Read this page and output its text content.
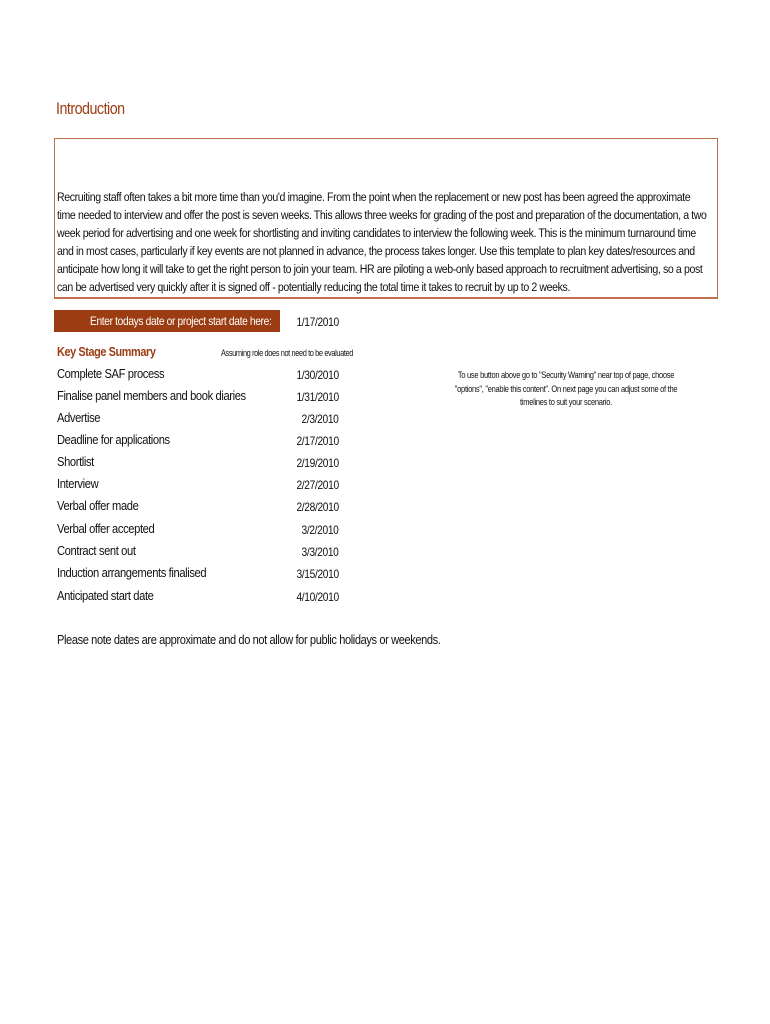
Introduction
Recruiting staff often takes a bit more time than you'd imagine. From the point when the replacement or new post has been agreed the approximate time needed to interview and offer the post is seven weeks. This allows three weeks for grading of the post and preparation of the documentation, a two week period for advertising and one week for shortlisting and inviting candidates to interview the following week. This is the minimum turnaround time and in most cases, particularly if key events are not planned in advance, the process takes longer. Use this template to plan key dates/resources and anticipate how long it will take to get the right person to join your team. HR are piloting a web-only based approach to recruitment advertising, so a post can be advertised very quickly after it is signed off - potentially reducing the total time it takes to recruit by up to 2 weeks.
Enter todays date or project start date here: 1/17/2010
Key Stage Summary	Assuming role does not need to be evaluated
Complete SAF process	1/30/2010
Finalise panel members and book diaries	1/31/2010
Advertise	2/3/2010
Deadline for applications	2/17/2010
Shortlist	2/19/2010
Interview	2/27/2010
Verbal offer made	2/28/2010
Verbal offer accepted	3/2/2010
Contract sent out	3/3/2010
Induction arrangements finalised	3/15/2010
Anticipated start date	4/10/2010
To use button above go to "Security Warning" near top of page, choose "options", "enable this content". On next page you can adjust some of the timelines to suit your scenario.
Please note dates are approximate and do not allow for public holidays or weekends.
